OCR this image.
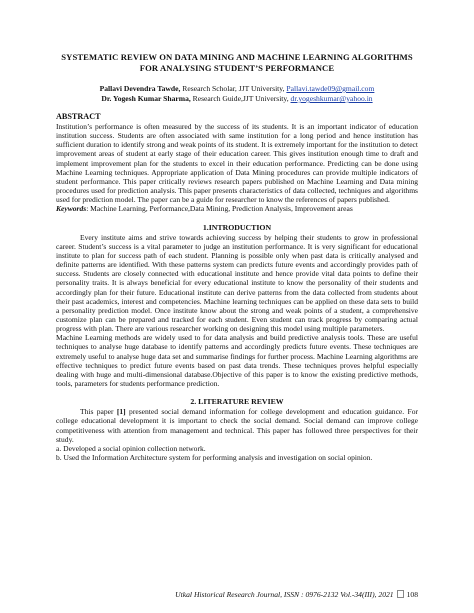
SYSTEMATIC REVIEW ON DATA MINING AND MACHINE LEARNING ALGORITHMS
FOR ANALYSING STUDENT’S PERFORMANCE
Pallavi Devendra Tawde, Research Scholar, JJT University, Pallavi.tawde09@gmail.com
Dr. Yogesh Kumar Sharma, Research Guide,JJT University, dr.yogeshkumar@yahoo.in
ABSTRACT

Institution’s performance is often measured by the success of its students. It is an important indicator of education institution success. Students are often associated with same institution for a long period and hence institution has sufficient duration to identify strong and weak points of its student. It is extremely important for the institution to detect improvement areas of student at early stage of their education career. This gives institution enough time to draft and implement improvement plan for the students to excel in their education performance. Predicting can be done using Machine Learning techniques. Appropriate application of Data Mining procedures can provide multiple indicators of student performance. This paper critically reviews research papers published on Machine Learning and Data mining procedures used for prediction analysis. This paper presents characteristics of data collected, techniques and algorithms used for prediction model. The paper can be a guide for researcher to know the references of papers published.

Keywords: Machine Learning, Performance,Data Mining, Prediction Analysis, Improvement areas

1.INTRODUCTION

Every institute aims and strive towards achieving success by helping their students to grow in professional career. Student’s success is a vital parameter to judge an institution performance. It is very significant for educational institute to plan for success path of each student. Planning is possible only when past data is critically analysed and definite patterns are identified. With these patterns system can predicts future events and accordingly provides path of success. Students are closely connected with educational institute and hence provide vital data points to define their personality traits. It is always beneficial for every educational institute to know the personality of their students and accordingly plan for their future. Educational institute can derive patterns from the data collected from students about their past academics, interest and competencies. Machine learning techniques can be applied on these data sets to build a personality prediction model. Once institute know about the strong and weak points of a student, a comprehensive customize plan can be prepared and tracked for each student. Even student can track progress by comparing actual progress with plan. There are various researcher working on designing this model using multiple parameters.

Machine Learning methods are widely used to for data analysis and build predictive analysis tools. These are useful techniques to analyse huge database to identify patterns and accordingly predicts future events. These techniques are extremely useful to analyse huge data set and summarise findings for further process. Machine Learning algorithms are effective techniques to predict future events based on past data trends. These techniques proves helpful especially dealing with huge and multi-dimensional database.Objective of this paper is to know the existing predictive methods, tools, parameters for students performance prediction.

2. LITERATURE REVIEW

This paper [1] presented social demand information for college development and education guidance. For college educational development it is important to check the social demand. Social demand can improve college competitiveness with attention from management and technical. This paper has followed three perspectives for their study.

a. Developed a social opinion collection network.

b. Used the Information Architecture system for performing analysis and investigation on social opinion.

Utkal Historical Research Journal, ISSN : 0976-2132 Vol.-34(III), 2021 108
